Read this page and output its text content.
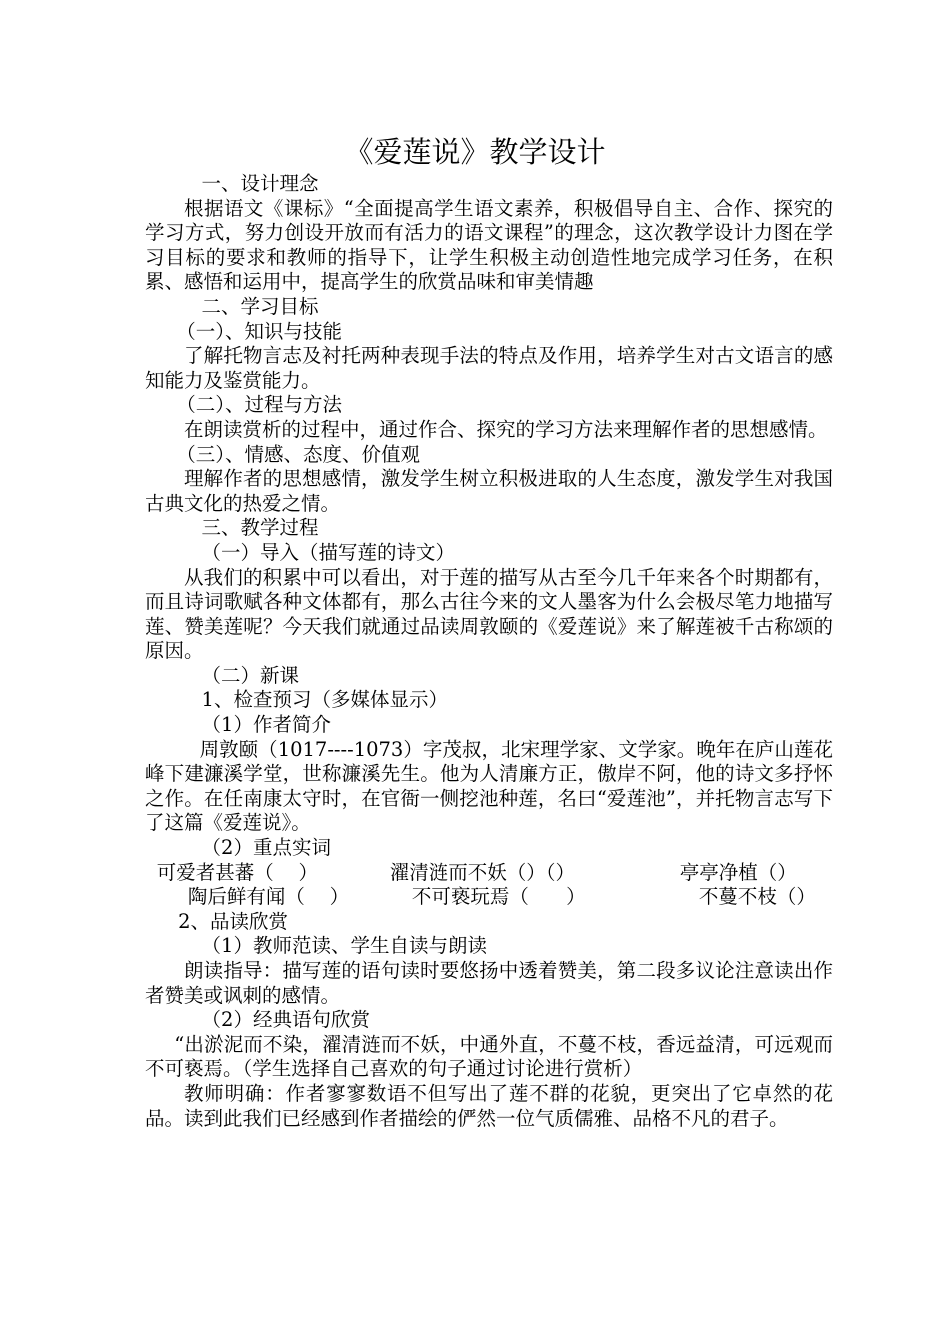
《爱莲说》教学设计

一、设计理念

根据语文《课标》“全面提高学生语文素养，积极倡导自主、合作、探究的学习方式，努力创设开放而有活力的语文课程”的理念，这次教学设计力图在学习目标的要求和教师的指导下，让学生积极主动创造性地完成学习任务，在积累、感悟和运用中，提高学生的欣赏品味和审美情趣

二、学习目标

（一）、知识与技能

了解托物言志及衬托两种表现手法的特点及作用，培养学生对古文语言的感知能力及鉴赏能力。

（二）、过程与方法

在朗读赏析的过程中，通过作合、探究的学习方法来理解作者的思想感情。

（三）、情感、态度、价值观

理解作者的思想感情，激发学生树立积极进取的人生态度，激发学生对我国古典文化的热爱之情。

三、教学过程

（一）导入（描写莲的诗文）

从我们的积累中可以看出，对于莲的描写从古至今几千年来各个时期都有，而且诗词歌赋各种文体都有，那么古往今来的文人墨客为什么会极尽笔力地描写莲、赞美莲呢？今天我们就通过品读周敦颐的《爱莲说》来了解莲被千古称颂的原因。

（二）新课

1、检查预习（多媒体显示）

（1）作者简介

周敦颐（1017----1073）字茂叔，北宋理学家、文学家。晚年在庐山莲花峰下建濂溪学堂，世称濂溪先生。他为人清廉方正，傲岸不阿，他的诗文多抒怀之作。在任南康太守时，在官衙一侧挖池种莲，名曰“爱莲池”，并托物言志写下了这篇《爱莲说》。

（2）重点实词

可爱者甚蕃（    ）	濯清涟而不妖（）（）	亭亭净植（）
陶后鲜有闻（    ）	不可亵玩焉（      ）	不蔓不枝（）

2、品读欣赏

（1）教师范读、学生自读与朗读

朗读指导：描写莲的语句读时要悠扬中透着赞美，第二段多议论注意读出作者赞美或讽刺的感情。

（2）经典语句欣赏

“出淤泥而不染，濯清涟而不妖，中通外直，不蔓不枝，香远益清，可远观而不可亵焉。（学生选择自己喜欢的句子通过讨论进行赏析）

教师明确：作者寥寥数语不但写出了莲不群的花貌，更突出了它卓然的花品。读到此我们已经感到作者描绘的俨然一位气质儒雅、品格不凡的君子。
